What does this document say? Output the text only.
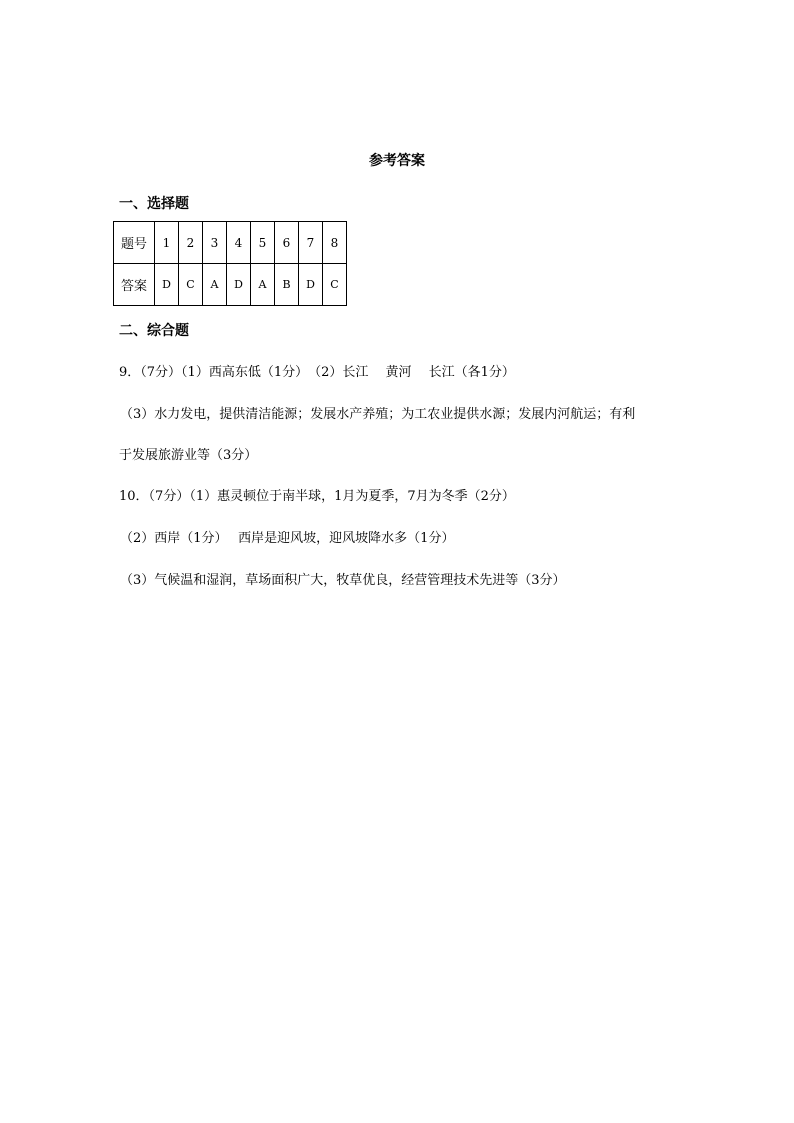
参考答案
一、选择题
题号	1	2	3	4	5	6	7	8
答案	D	C	A	D	A	B	D	C
二、综合题
9．（7分）（1）西高东低（1分）　（2）长江　 黄河　 长江（各1分）
（3）水力发电，提供清洁能源；发展水产养殖；为工农业提供水源；发展内河航运；有利
于发展旅游业等（3分）
10．（7分）（1）惠灵顿位于南半球，1月为夏季，7月为冬季（2分）
（2）西岸（1分）　 西岸是迎风坡，迎风坡降水多（1分）
（3）气候温和湿润，草场面积广大，牧草优良，经营管理技术先进等（3分）
